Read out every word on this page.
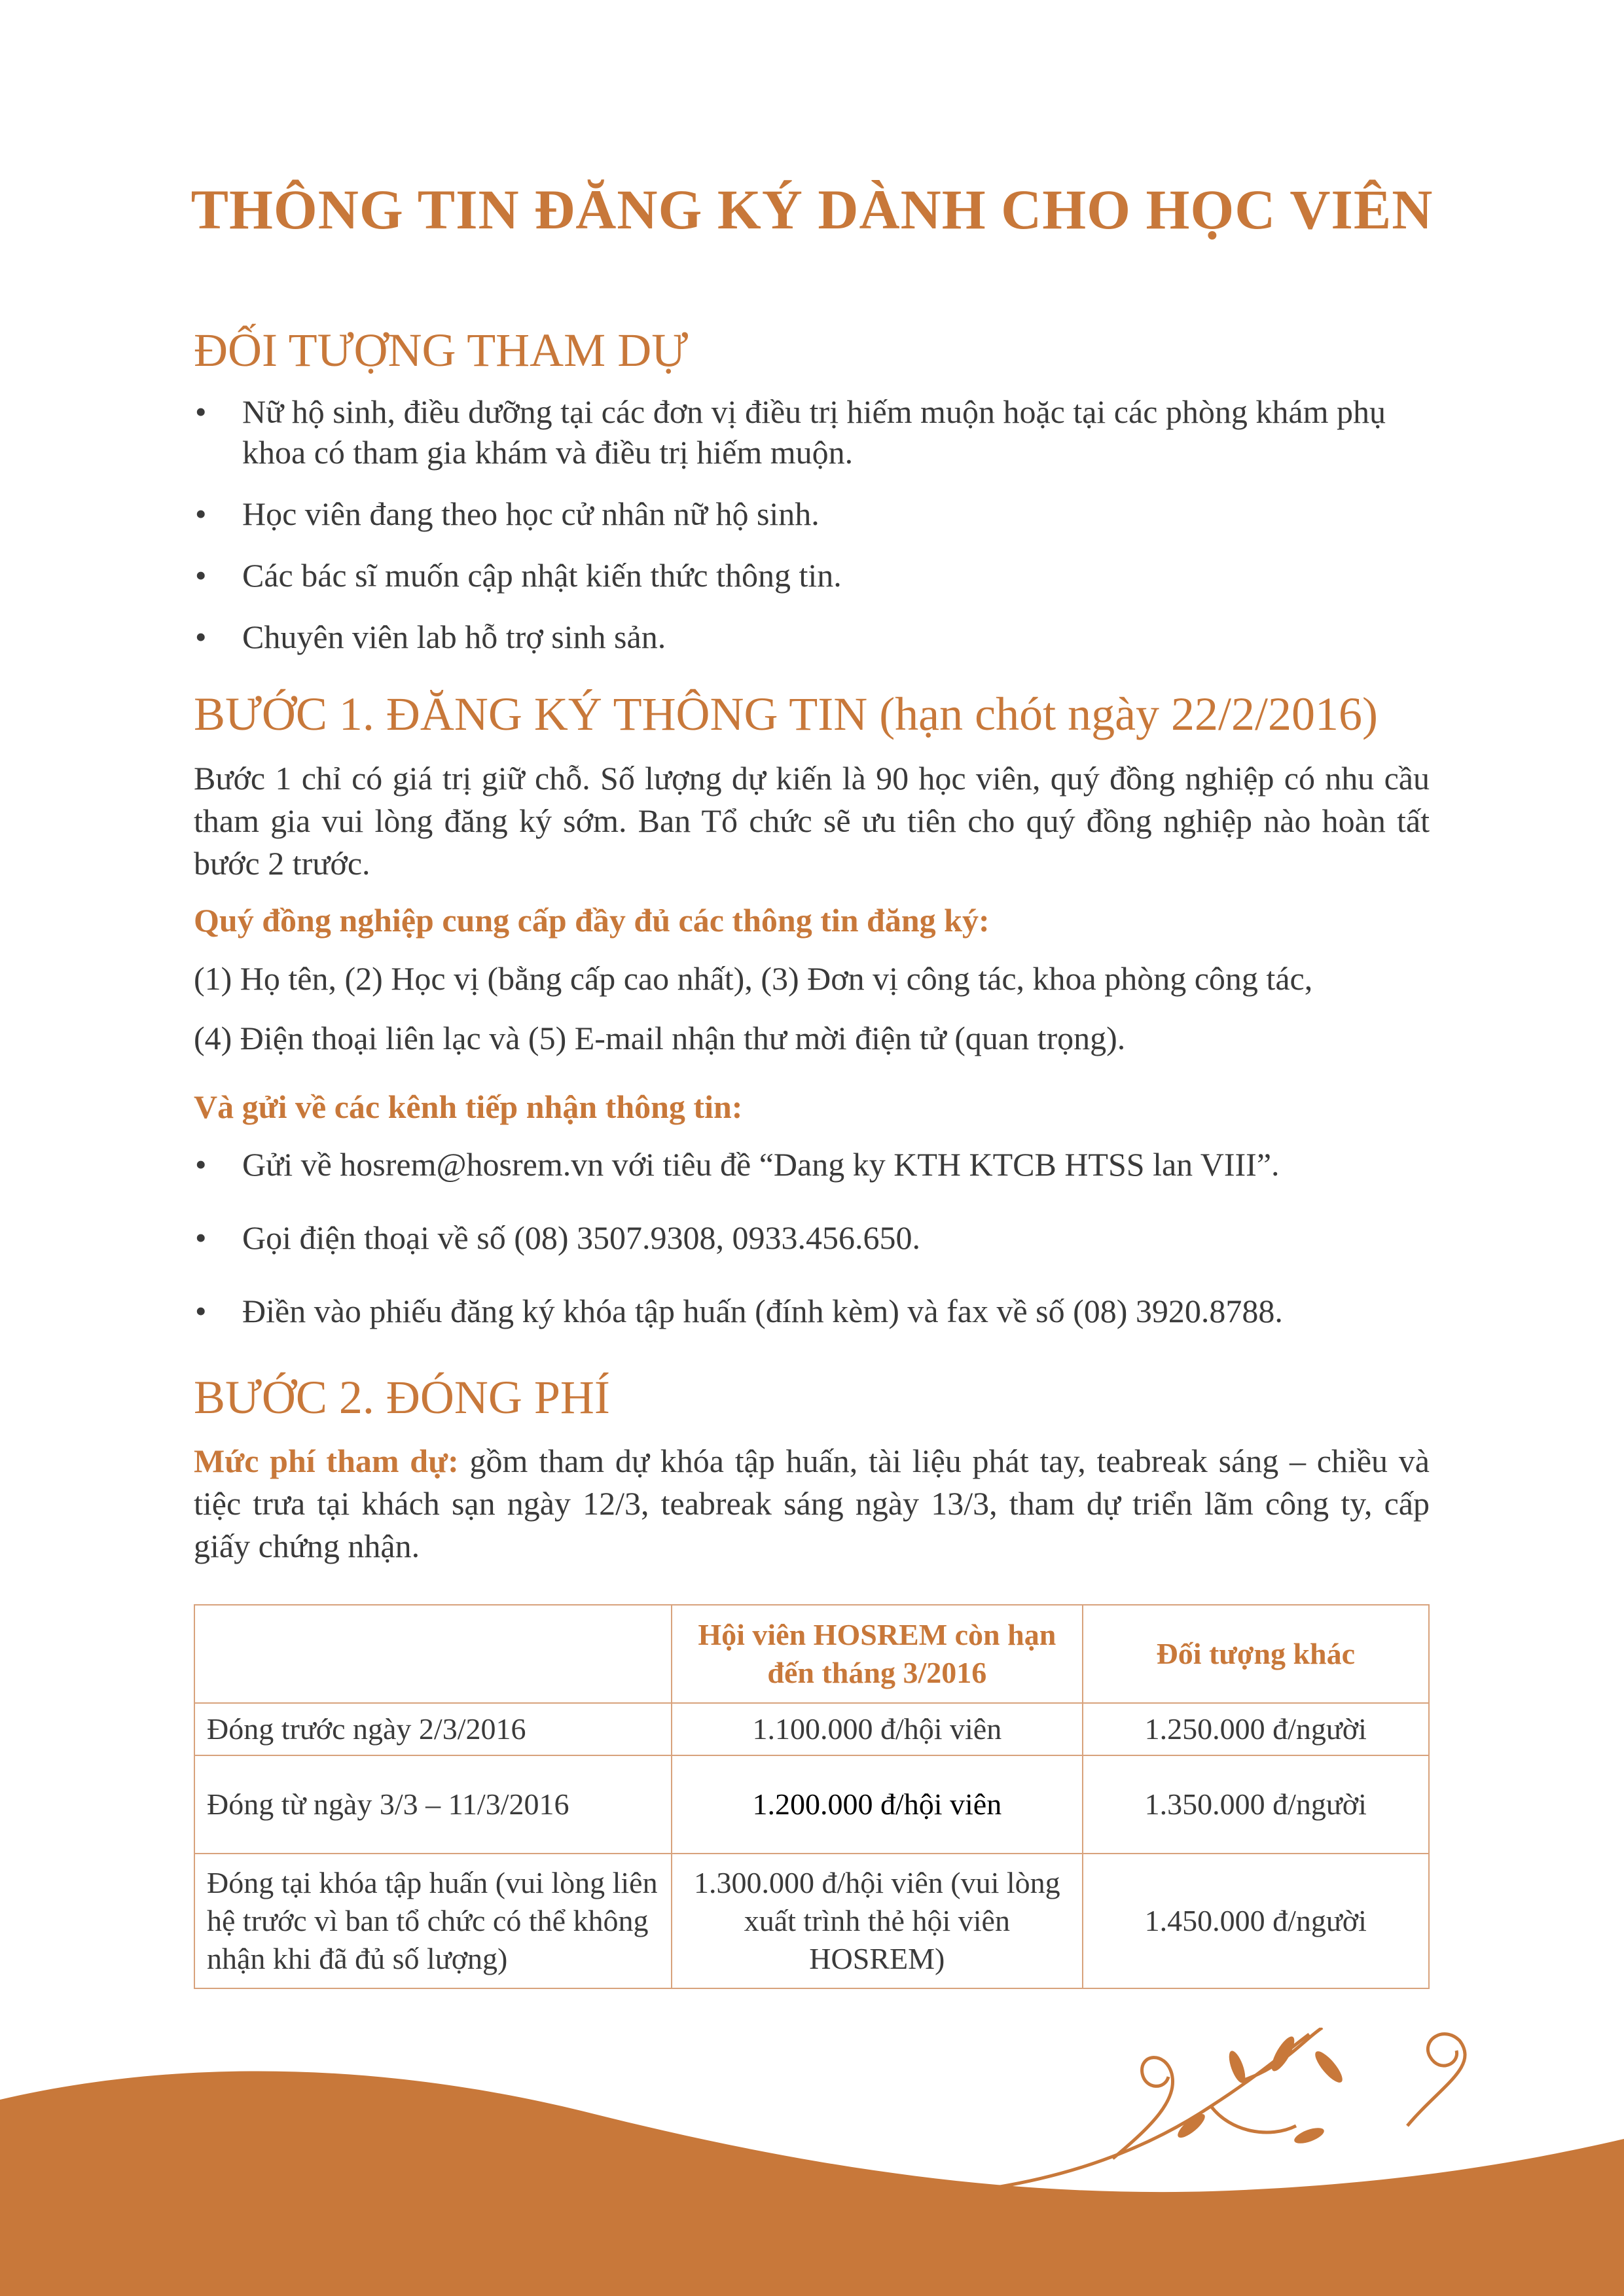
THÔNG TIN ĐĂNG KÝ DÀNH CHO HỌC VIÊN
ĐỐI TƯỢNG THAM DỰ
• Nữ hộ sinh, điều dưỡng tại các đơn vị điều trị hiếm muộn hoặc tại các phòng khám phụ khoa có tham gia khám và điều trị hiếm muộn.
• Học viên đang theo học cử nhân nữ hộ sinh.
• Các bác sĩ muốn cập nhật kiến thức thông tin.
• Chuyên viên lab hỗ trợ sinh sản.
BƯỚC 1. ĐĂNG KÝ THÔNG TIN (hạn chót ngày 22/2/2016)

Bước 1 chỉ có giá trị giữ chỗ. Số lượng dự kiến là 90 học viên, quý đồng nghiệp có nhu cầu tham gia vui lòng đăng ký sớm. Ban Tổ chức sẽ ưu tiên cho quý đồng nghiệp nào hoàn tất bước 2 trước.

Quý đồng nghiệp cung cấp đầy đủ các thông tin đăng ký:

(1) Họ tên, (2) Học vị (bằng cấp cao nhất), (3) Đơn vị công tác, khoa phòng công tác,

(4) Điện thoại liên lạc và (5) E-mail nhận thư mời điện tử (quan trọng).

Và gửi về các kênh tiếp nhận thông tin:

• Gửi về hosrem@hosrem.vn với tiêu đề “Dang ky KTH KTCB HTSS lan VIII”.
• Gọi điện thoại về số (08) 3507.9308, 0933.456.650.
• Điền vào phiếu đăng ký khóa tập huấn (đính kèm) và fax về số (08) 3920.8788.
BƯỚC 2. ĐÓNG PHÍ

Mức phí tham dự: gồm tham dự khóa tập huấn, tài liệu phát tay, teabreak sáng – chiều và tiệc trưa tại khách sạn ngày 12/3, teabreak sáng ngày 13/3, tham dự triển lãm công ty, cấp giấy chứng nhận.

	Hội viên HOSREM còn hạn đến tháng 3/2016	Đối tượng khác
Đóng trước ngày 2/3/2016	1.100.000 đ/hội viên	1.250.000 đ/người
Đóng từ ngày 3/3 – 11/3/2016	1.200.000 đ/hội viên	1.350.000 đ/người
Đóng tại khóa tập huấn (vui lòng liên hệ trước vì ban tổ chức có thể không nhận khi đã đủ số lượng)	1.300.000 đ/hội viên (vui lòng xuất trình thẻ hội viên HOSREM)	1.450.000 đ/người
